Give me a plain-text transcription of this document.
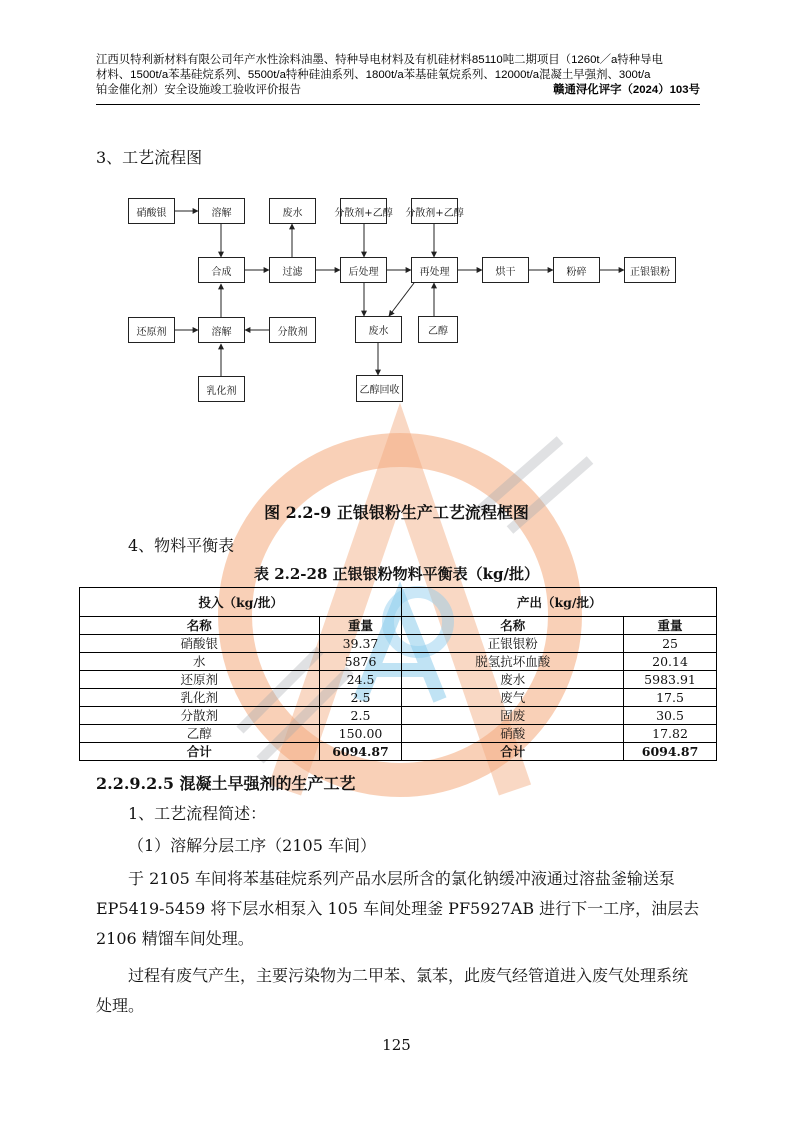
江西贝特利新材料有限公司年产水性涂料油墨、特种导电材料及有机硅材料85110吨二期项目（1260t／a特种导电
材料、1500t/a苯基硅烷系列、5500t/a特种硅油系列、1800t/a苯基硅氧烷系列、12000t/a混凝土早强剂、300t/a
铂金催化剂）安全设施竣工验收评价报告	赣通浔化评字（2024）103号
3、工艺流程图
硝酸银	溶解	废水	分散剂+乙醇 分散剂+乙醇
合成	过滤	后处理	再处理	烘干	粉碎	正银银粉
还原剂	溶解	分散剂	废水	乙醇
乳化剂	乙醇回收
图 2.2-9 正银银粉生产工艺流程框图
4、物料平衡表
表 2.2-28 正银银粉物料平衡表（kg/批）
投入（kg/批）		产出（kg/批）	
名称	重量	名称	重量
硝酸银	39.37	正银银粉	25
水	5876	脱氢抗坏血酸	20.14
还原剂	24.5	废水	5983.91
乳化剂	2.5	废气	17.5
分散剂	2.5	固废	30.5
乙醇	150.00	硝酸	17.82
合计	6094.87	合计	6094.87
2.2.9.2.5 混凝土早强剂的生产工艺
1、工艺流程简述：
（1）溶解分层工序（2105 车间）
于 2105 车间将苯基硅烷系列产品水层所含的氯化钠缓冲液通过溶盐釜输送泵 EP5419-5459 将下层水相泵入 105 车间处理釜 PF5927AB 进行下一工序，油层去 2106 精馏车间处理。
过程有废气产生，主要污染物为二甲苯、氯苯，此废气经管道进入废气处理系统处理。
125
